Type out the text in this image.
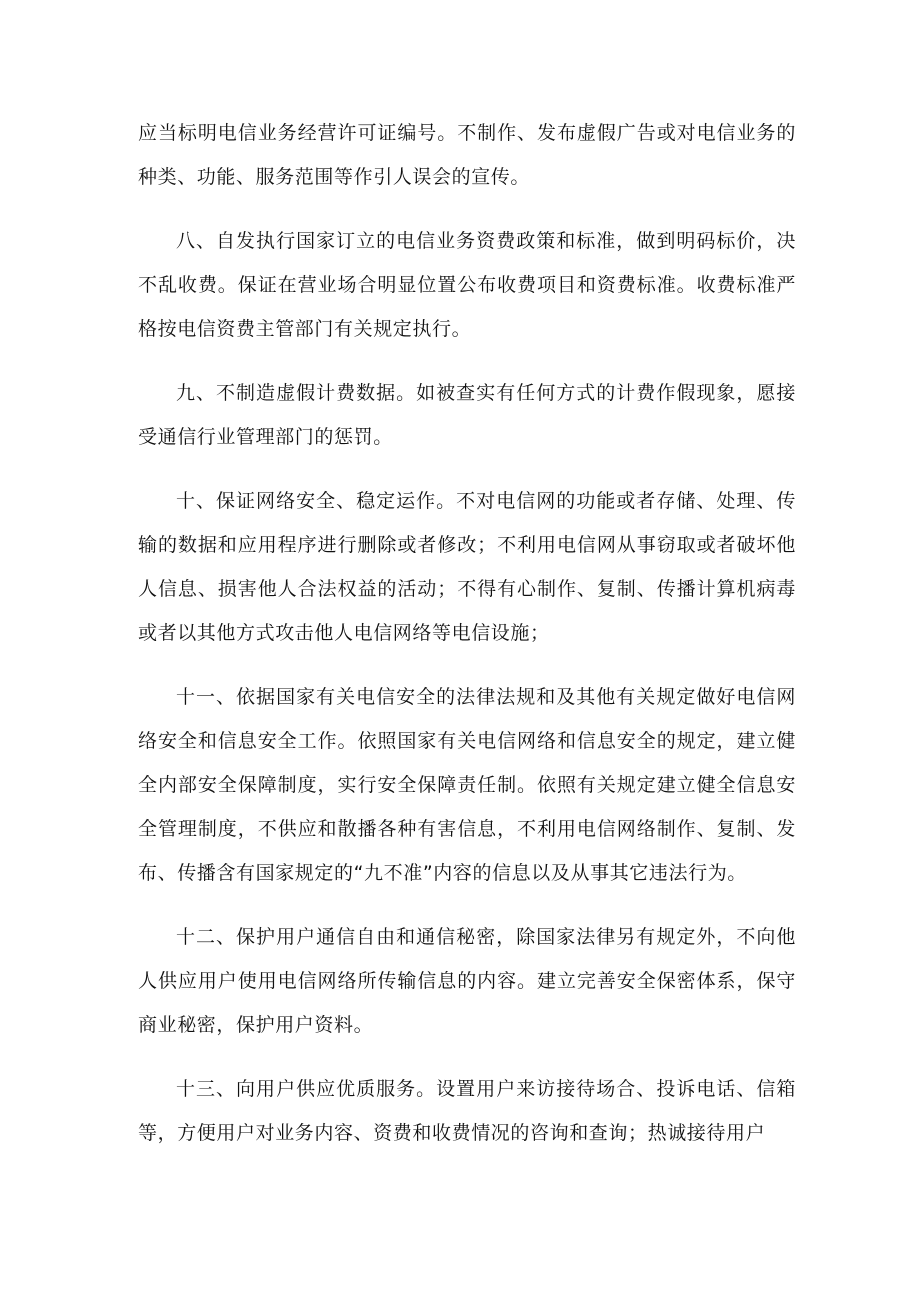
应当标明电信业务经营许可证编号。不制作、发布虚假广告或对电信业务的种类、功能、服务范围等作引人误会的宣传。

八、自发执行国家订立的电信业务资费政策和标准，做到明码标价，决不乱收费。保证在营业场合明显位置公布收费项目和资费标准。收费标准严格按电信资费主管部门有关规定执行。

九、不制造虚假计费数据。如被查实有任何方式的计费作假现象，愿接受通信行业管理部门的惩罚。

十、保证网络安全、稳定运作。不对电信网的功能或者存储、处理、传输的数据和应用程序进行删除或者修改；不利用电信网从事窃取或者破坏他人信息、损害他人合法权益的活动；不得有心制作、复制、传播计算机病毒或者以其他方式攻击他人电信网络等电信设施；

十一、依据国家有关电信安全的法律法规和及其他有关规定做好电信网络安全和信息安全工作。依照国家有关电信网络和信息安全的规定，建立健全内部安全保障制度，实行安全保障责任制。依照有关规定建立健全信息安全管理制度，不供应和散播各种有害信息，不利用电信网络制作、复制、发布、传播含有国家规定的“九不准”内容的信息以及从事其它违法行为。

十二、保护用户通信自由和通信秘密，除国家法律另有规定外，不向他人供应用户使用电信网络所传输信息的内容。建立完善安全保密体系，保守商业秘密，保护用户资料。

十三、向用户供应优质服务。设置用户来访接待场合、投诉电话、信箱等，方便用户对业务内容、资费和收费情况的咨询和查询；热诚接待用户
